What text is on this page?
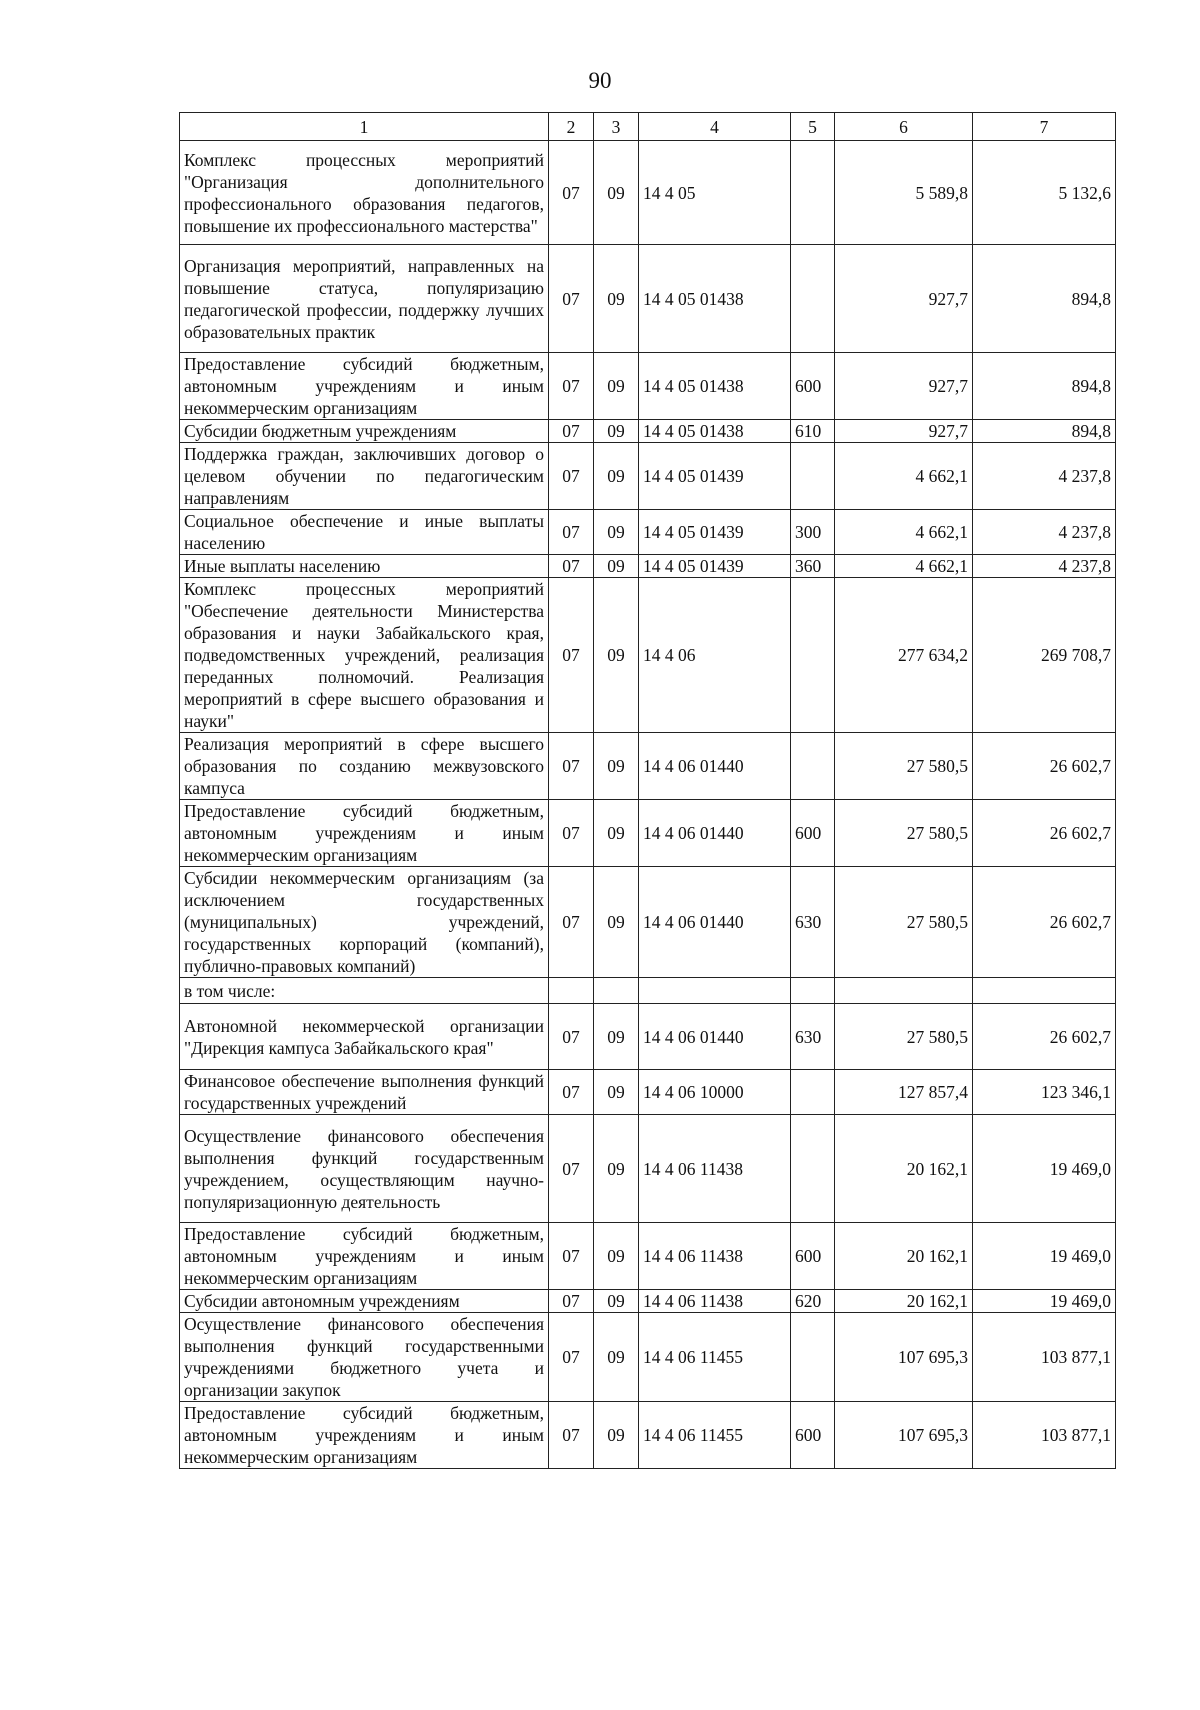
90
1	2	3	4	5	6	7
Комплекс процессных мероприятий "Организация дополнительного профессионального образования педагогов, повышение их профессионального мастерства"	07	09	14 4 05		5 589,8	5 132,6
Организация мероприятий, направленных на повышение статуса, популяризацию педагогической профессии, поддержку лучших образовательных практик	07	09	14 4 05 01438		927,7	894,8
Предоставление субсидий бюджетным, автономным учреждениям и иным некоммерческим организациям	07	09	14 4 05 01438	600	927,7	894,8
Субсидии бюджетным учреждениям	07	09	14 4 05 01438	610	927,7	894,8
Поддержка граждан, заключивших договор о целевом обучении по педагогическим направлениям	07	09	14 4 05 01439		4 662,1	4 237,8
Социальное обеспечение и иные выплаты населению	07	09	14 4 05 01439	300	4 662,1	4 237,8
Иные выплаты населению	07	09	14 4 05 01439	360	4 662,1	4 237,8
Комплекс процессных мероприятий "Обеспечение деятельности Министерства образования и науки Забайкальского края, подведомственных учреждений, реализация переданных полномочий. Реализация мероприятий в сфере высшего образования и науки"	07	09	14 4 06		277 634,2	269 708,7
Реализация мероприятий в сфере высшего образования по созданию межвузовского кампуса	07	09	14 4 06 01440		27 580,5	26 602,7
Предоставление субсидий бюджетным, автономным учреждениям и иным некоммерческим организациям	07	09	14 4 06 01440	600	27 580,5	26 602,7
Субсидии некоммерческим организациям (за исключением государственных (муниципальных) учреждений, государственных корпораций (компаний), публично-правовых компаний)	07	09	14 4 06 01440	630	27 580,5	26 602,7
в том числе:						
Автономной некоммерческой организации "Дирекция кампуса Забайкальского края"	07	09	14 4 06 01440	630	27 580,5	26 602,7
Финансовое обеспечение выполнения функций государственных учреждений	07	09	14 4 06 10000		127 857,4	123 346,1
Осуществление финансового обеспечения выполнения функций государственным учреждением, осуществляющим научно-популяризационную деятельность	07	09	14 4 06 11438		20 162,1	19 469,0
Предоставление субсидий бюджетным, автономным учреждениям и иным некоммерческим организациям	07	09	14 4 06 11438	600	20 162,1	19 469,0
Субсидии автономным учреждениям	07	09	14 4 06 11438	620	20 162,1	19 469,0
Осуществление финансового обеспечения выполнения функций государственными учреждениями бюджетного учета и организации закупок	07	09	14 4 06 11455		107 695,3	103 877,1
Предоставление субсидий бюджетным, автономным учреждениям и иным некоммерческим организациям	07	09	14 4 06 11455	600	107 695,3	103 877,1
